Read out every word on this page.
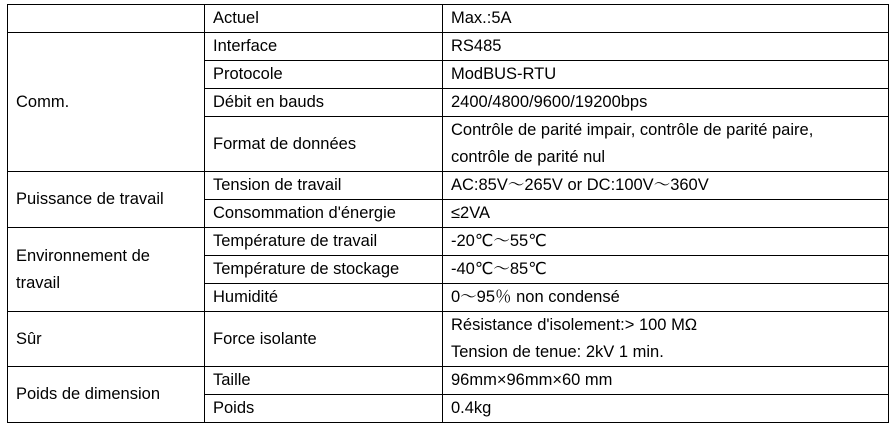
	Actuel	Max.:5A
Comm.	Interface	RS485
	Protocole	ModBUS-RTU
	Débit en bauds	2400/4800/9600/19200bps
	Format de données	Contrôle de parité impair, contrôle de parité paire,
contrôle de parité nul

Puissance de travail	Tension de travail	AC:85V～265V or DC:100V～360V
	Consommation d'énergie	≤2VA

Environnement de
travail	Température de travail	-20℃～55℃
	Température de stockage	-40℃～85℃
	Humidité	0～95％ non condensé
Sûr	Force isolante	Résistance d'isolement:> 100 MΩ
Tension de tenue: 2kV 1 min.

Poids de dimension	Taille	96mm×96mm×60 mm
	Poids	0.4kg
